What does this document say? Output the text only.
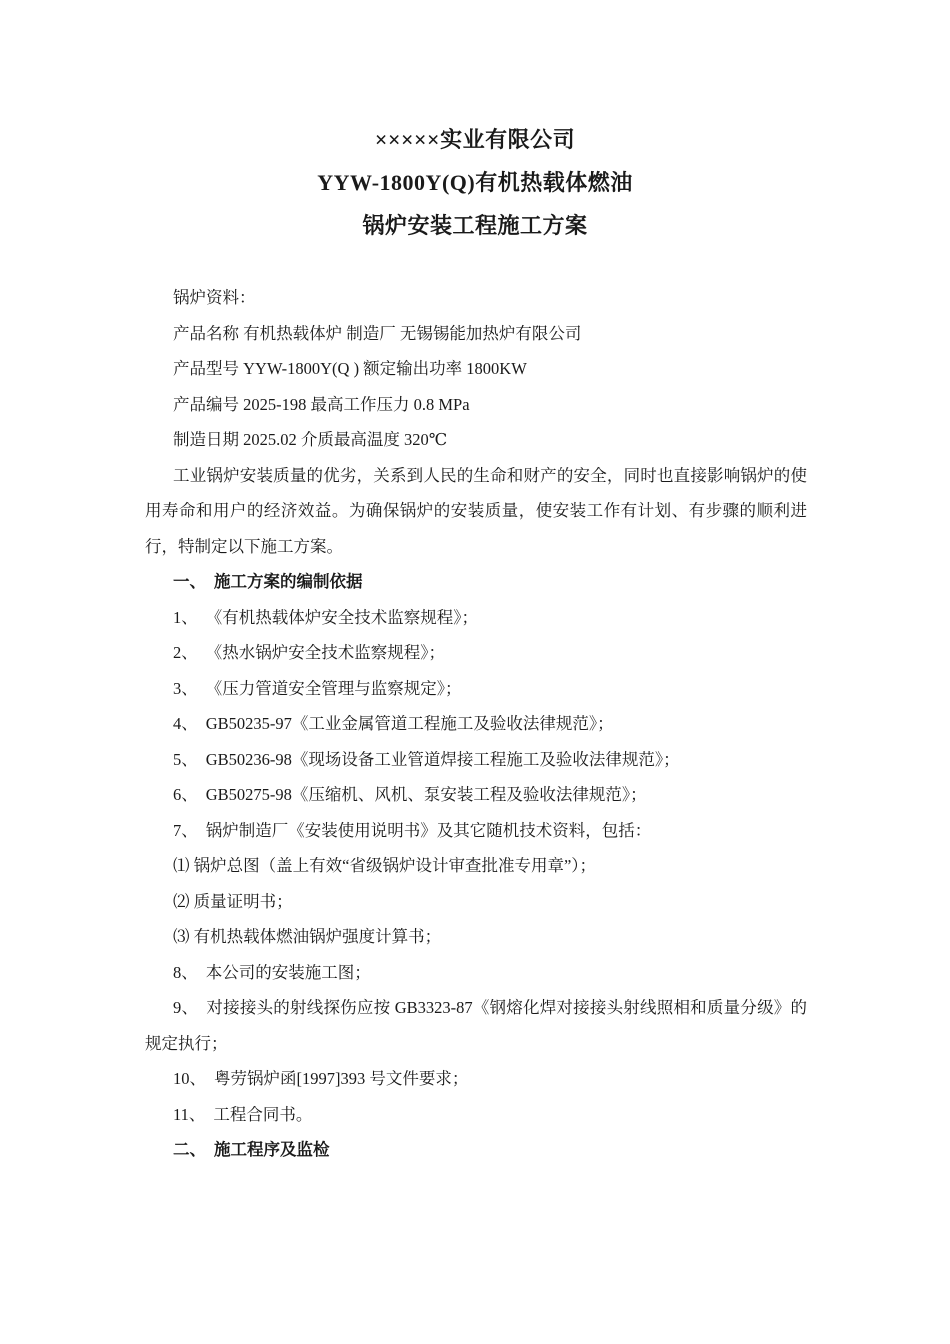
×××××实业有限公司
YYW-1800Y(Q)有机热载体燃油
锅炉安装工程施工方案

锅炉资料：

产品名称 有机热载体炉 制造厂 无锡锡能加热炉有限公司

产品型号 YYW-1800Y(Q ) 额定输出功率 1800KW

产品编号 2025-198 最高工作压力 0.8 MPa

制造日期 2025.02 介质最高温度 320℃

工业锅炉安装质量的优劣，关系到人民的生命和财产的安全，同时也直接影响锅炉的使用寿命和用户的经济效益。为确保锅炉的安装质量，使安装工作有计划、有步骤的顺利进行，特制定以下施工方案。

一、 施工方案的编制依据

1、 《有机热载体炉安全技术监察规程》；

2、 《热水锅炉安全技术监察规程》；

3、 《压力管道安全管理与监察规定》；

4、 GB50235-97《工业金属管道工程施工及验收法律规范》；

5、 GB50236-98《现场设备工业管道焊接工程施工及验收法律规范》；

6、 GB50275-98《压缩机、风机、泵安装工程及验收法律规范》；

7、 锅炉制造厂《安装使用说明书》及其它随机技术资料，包括：

⑴ 锅炉总图（盖上有效“省级锅炉设计审查批准专用章”）；

⑵ 质量证明书；

⑶ 有机热载体燃油锅炉强度计算书；

8、 本公司的安装施工图；

9、 对接接头的射线探伤应按 GB3323-87《钢熔化焊对接接头射线照相和质量分级》的规定执行；

10、 粤劳锅炉函[1997]393 号文件要求；

11、 工程合同书。

二、 施工程序及监检
